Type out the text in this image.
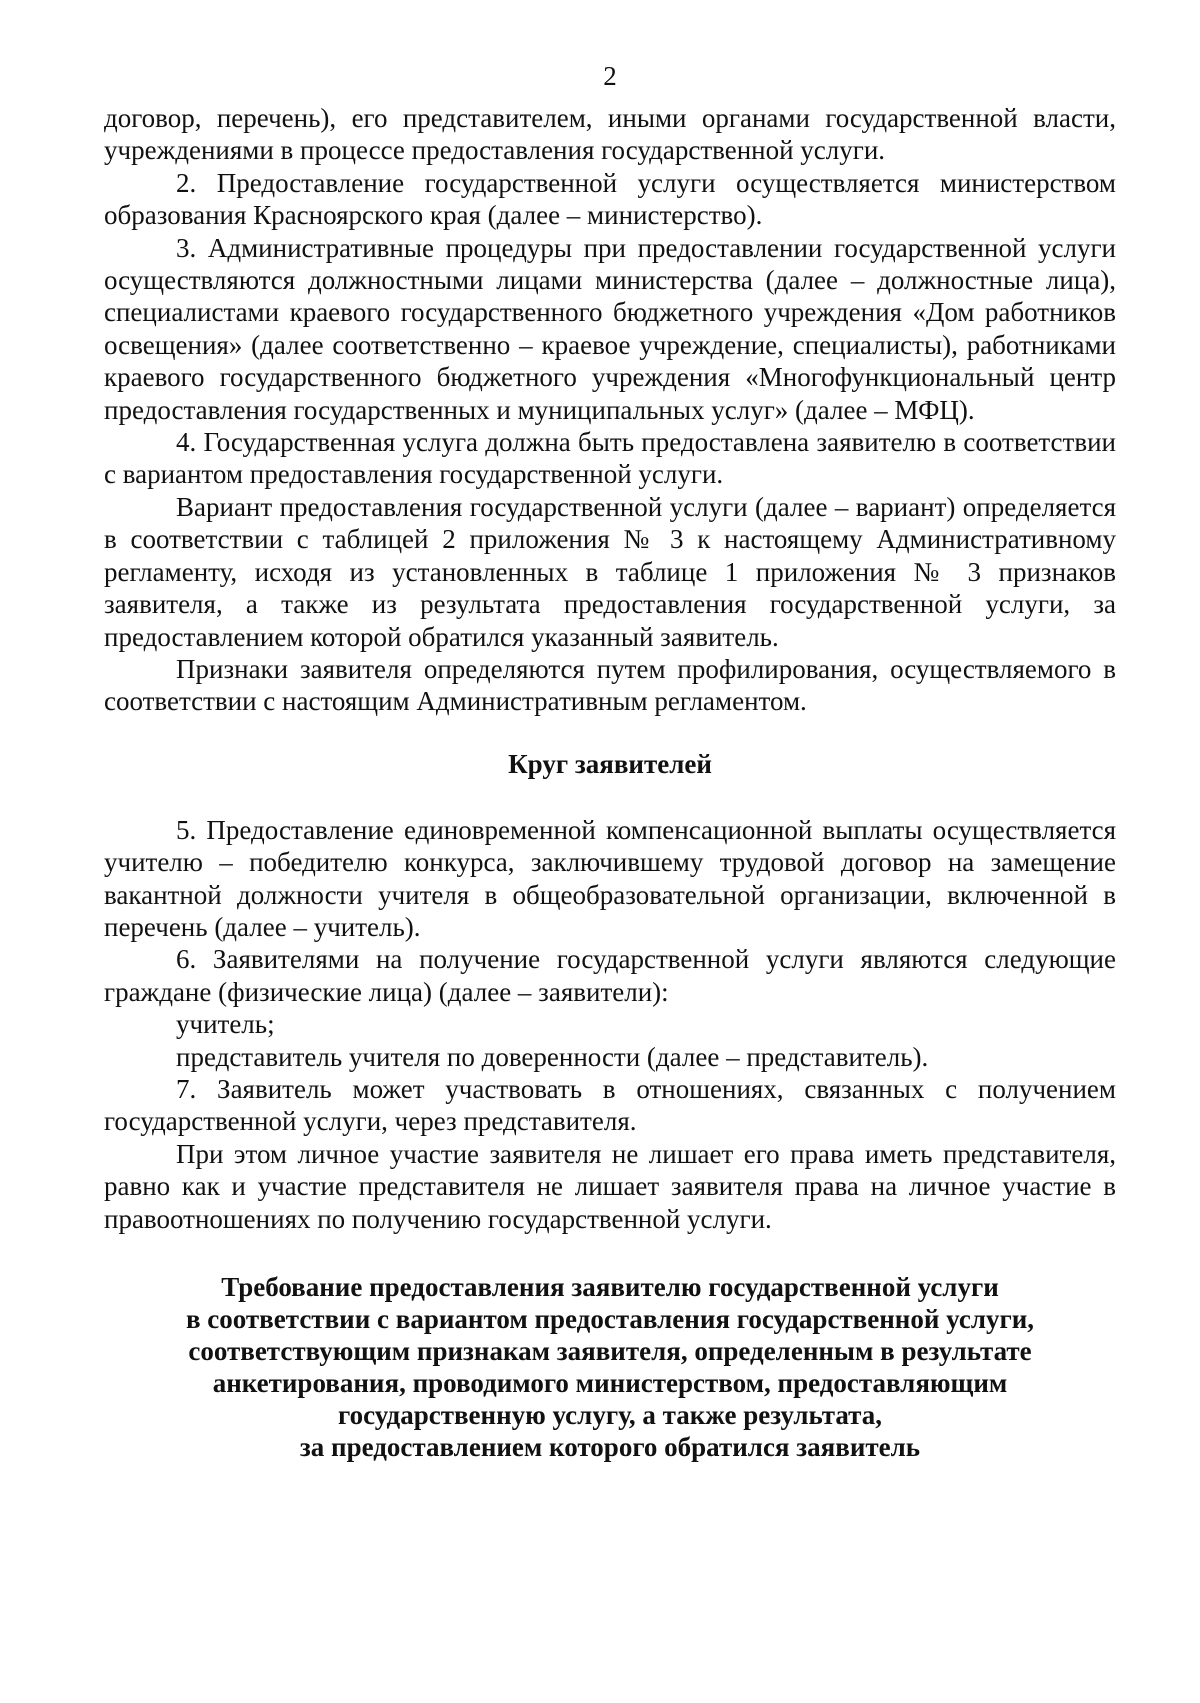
2

договор, перечень), его представителем, иными органами государственной власти, учреждениями в процессе предоставления государственной услуги.

2. Предоставление государственной услуги осуществляется министерством образования Красноярского края (далее – министерство).

3. Административные процедуры при предоставлении государственной услуги осуществляются должностными лицами министерства (далее – должностные лица), специалистами краевого государственного бюджетного учреждения «Дом работников освещения» (далее соответственно – краевое учреждение, специалисты), работниками краевого государственного бюджетного учреждения «Многофункциональный центр предоставления государственных и муниципальных услуг» (далее – МФЦ).

4. Государственная услуга должна быть предоставлена заявителю в соответствии с вариантом предоставления государственной услуги.

Вариант предоставления государственной услуги (далее – вариант) определяется в соответствии с таблицей 2 приложения № 3 к настоящему Административному регламенту, исходя из установленных в таблице 1 приложения № 3 признаков заявителя, а также из результата предоставления государственной услуги, за предоставлением которой обратился указанный заявитель.

Признаки заявителя определяются путем профилирования, осуществляемого в соответствии с настоящим Административным регламентом.

Круг заявителей

5. Предоставление единовременной компенсационной выплаты осуществляется учителю – победителю конкурса, заключившему трудовой договор на замещение вакантной должности учителя в общеобразовательной организации, включенной в перечень (далее – учитель).

6. Заявителями на получение государственной услуги являются следующие граждане (физические лица) (далее – заявители):

учитель;

представитель учителя по доверенности (далее – представитель).

7. Заявитель может участвовать в отношениях, связанных с получением государственной услуги, через представителя.

При этом личное участие заявителя не лишает его права иметь представителя, равно как и участие представителя не лишает заявителя права на личное участие в правоотношениях по получению государственной услуги.

Требование предоставления заявителю государственной услуги
в соответствии с вариантом предоставления государственной услуги,
соответствующим признакам заявителя, определенным в результате
анкетирования, проводимого министерством, предоставляющим
государственную услугу, а также результата,
за предоставлением которого обратился заявитель
